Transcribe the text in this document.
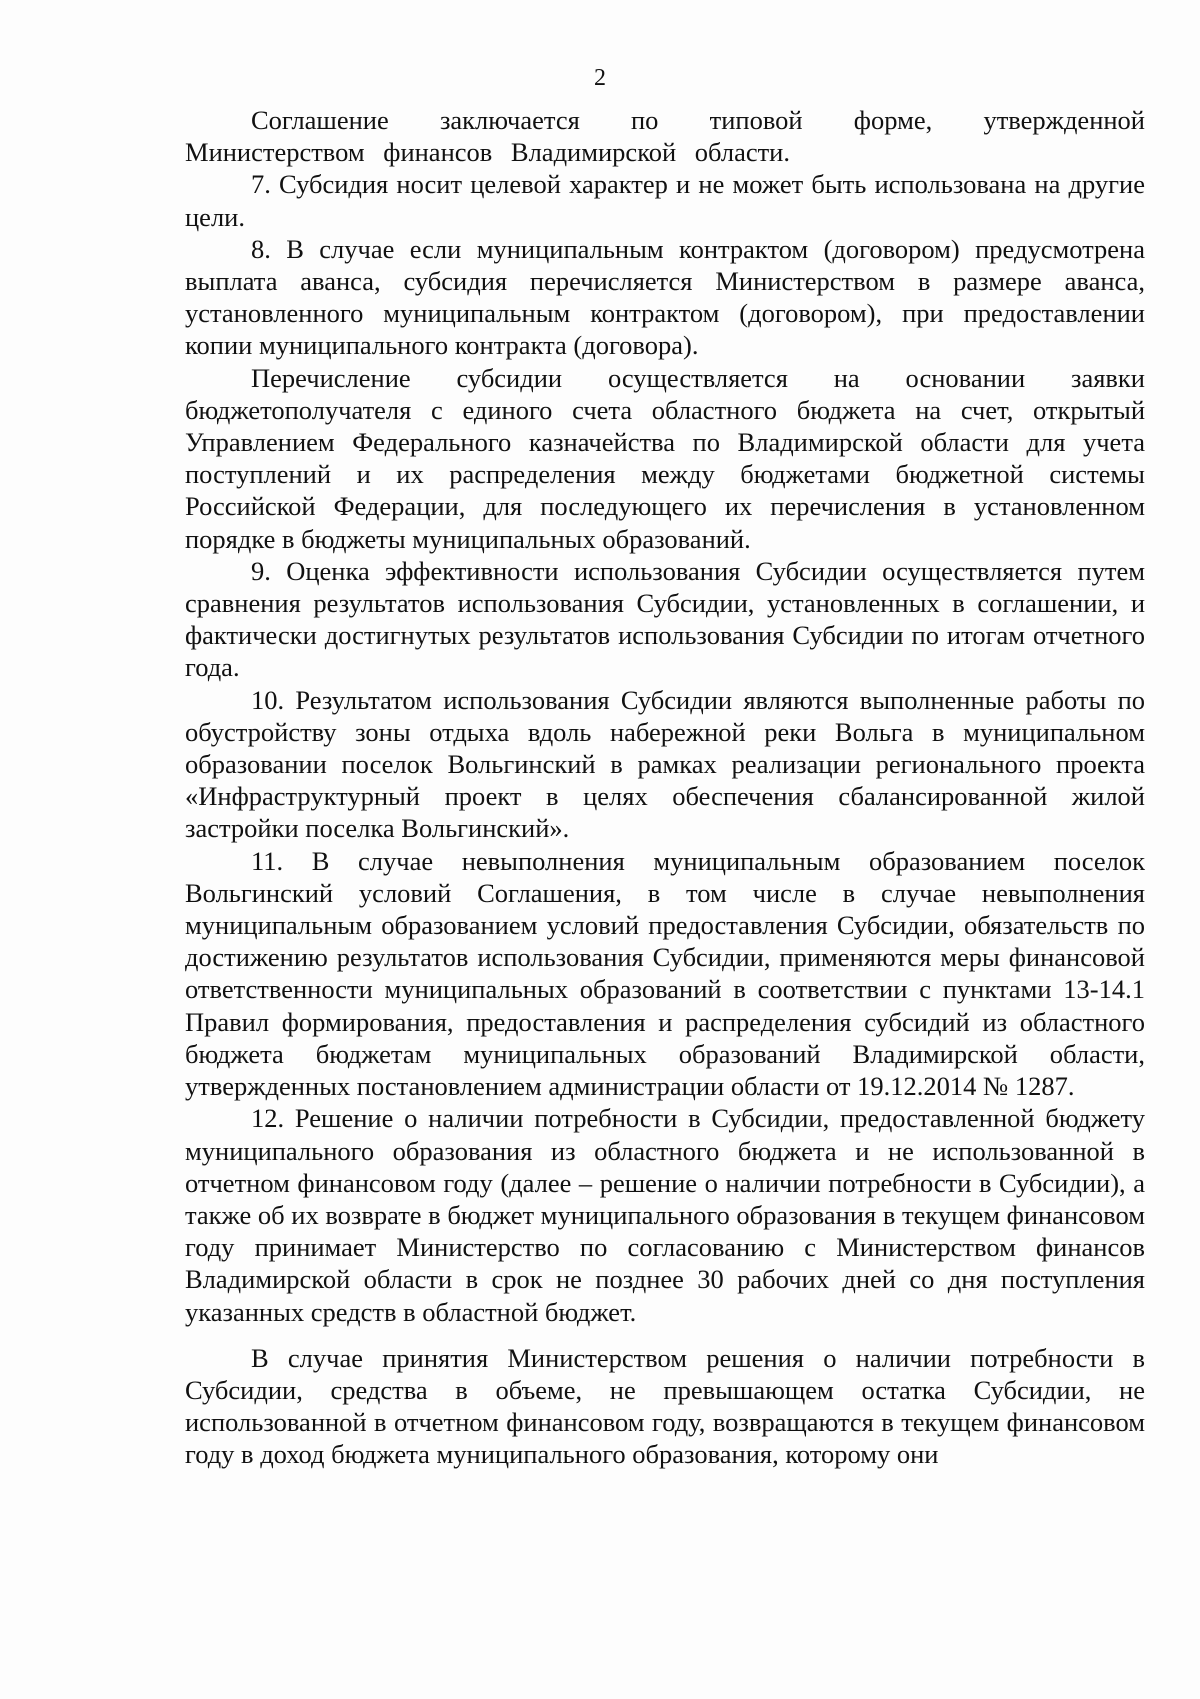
2

Соглашение заключается по типовой форме, утвержденной Министерством финансов Владимирской области.

7. Субсидия носит целевой характер и не может быть использована на другие цели.

8. В случае если муниципальным контрактом (договором) предусмотрена выплата аванса, субсидия перечисляется Министерством в размере аванса, установленного муниципальным контрактом (договором), при предоставлении копии муниципального контракта (договора).

Перечисление субсидии осуществляется на основании заявки бюджетополучателя с единого счета областного бюджета на счет, открытый Управлением Федерального казначейства по Владимирской области для учета поступлений и их распределения между бюджетами бюджетной системы Российской Федерации, для последующего их перечисления в установленном порядке в бюджеты муниципальных образований.

9. Оценка эффективности использования Субсидии осуществляется путем сравнения результатов использования Субсидии, установленных в соглашении, и фактически достигнутых результатов использования Субсидии по итогам отчетного года.

10. Результатом использования Субсидии являются выполненные работы по обустройству зоны отдыха вдоль набережной реки Вольга в муниципальном образовании поселок Вольгинский в рамках реализации регионального проекта «Инфраструктурный проект в целях обеспечения сбалансированной жилой застройки поселка Вольгинский».

11. В случае невыполнения муниципальным образованием поселок Вольгинский условий Соглашения, в том числе в случае невыполнения муниципальным образованием условий предоставления Субсидии, обязательств по достижению результатов использования Субсидии, применяются меры финансовой ответственности муниципальных образований в соответствии с пунктами 13-14.1 Правил формирования, предоставления и распределения субсидий из областного бюджета бюджетам муниципальных образований Владимирской области, утвержденных постановлением администрации области от 19.12.2014 № 1287.

12. Решение о наличии потребности в Субсидии, предоставленной бюджету муниципального образования из областного бюджета и не использованной в отчетном финансовом году (далее – решение о наличии потребности в Субсидии), а также об их возврате в бюджет муниципального образования в текущем финансовом году принимает Министерство по согласованию с Министерством финансов Владимирской области в срок не позднее 30 рабочих дней со дня поступления указанных средств в областной бюджет.

В случае принятия Министерством решения о наличии потребности в Субсидии, средства в объеме, не превышающем остатка Субсидии, не использованной в отчетном финансовом году, возвращаются в текущем финансовом году в доход бюджета муниципального образования, которому они
